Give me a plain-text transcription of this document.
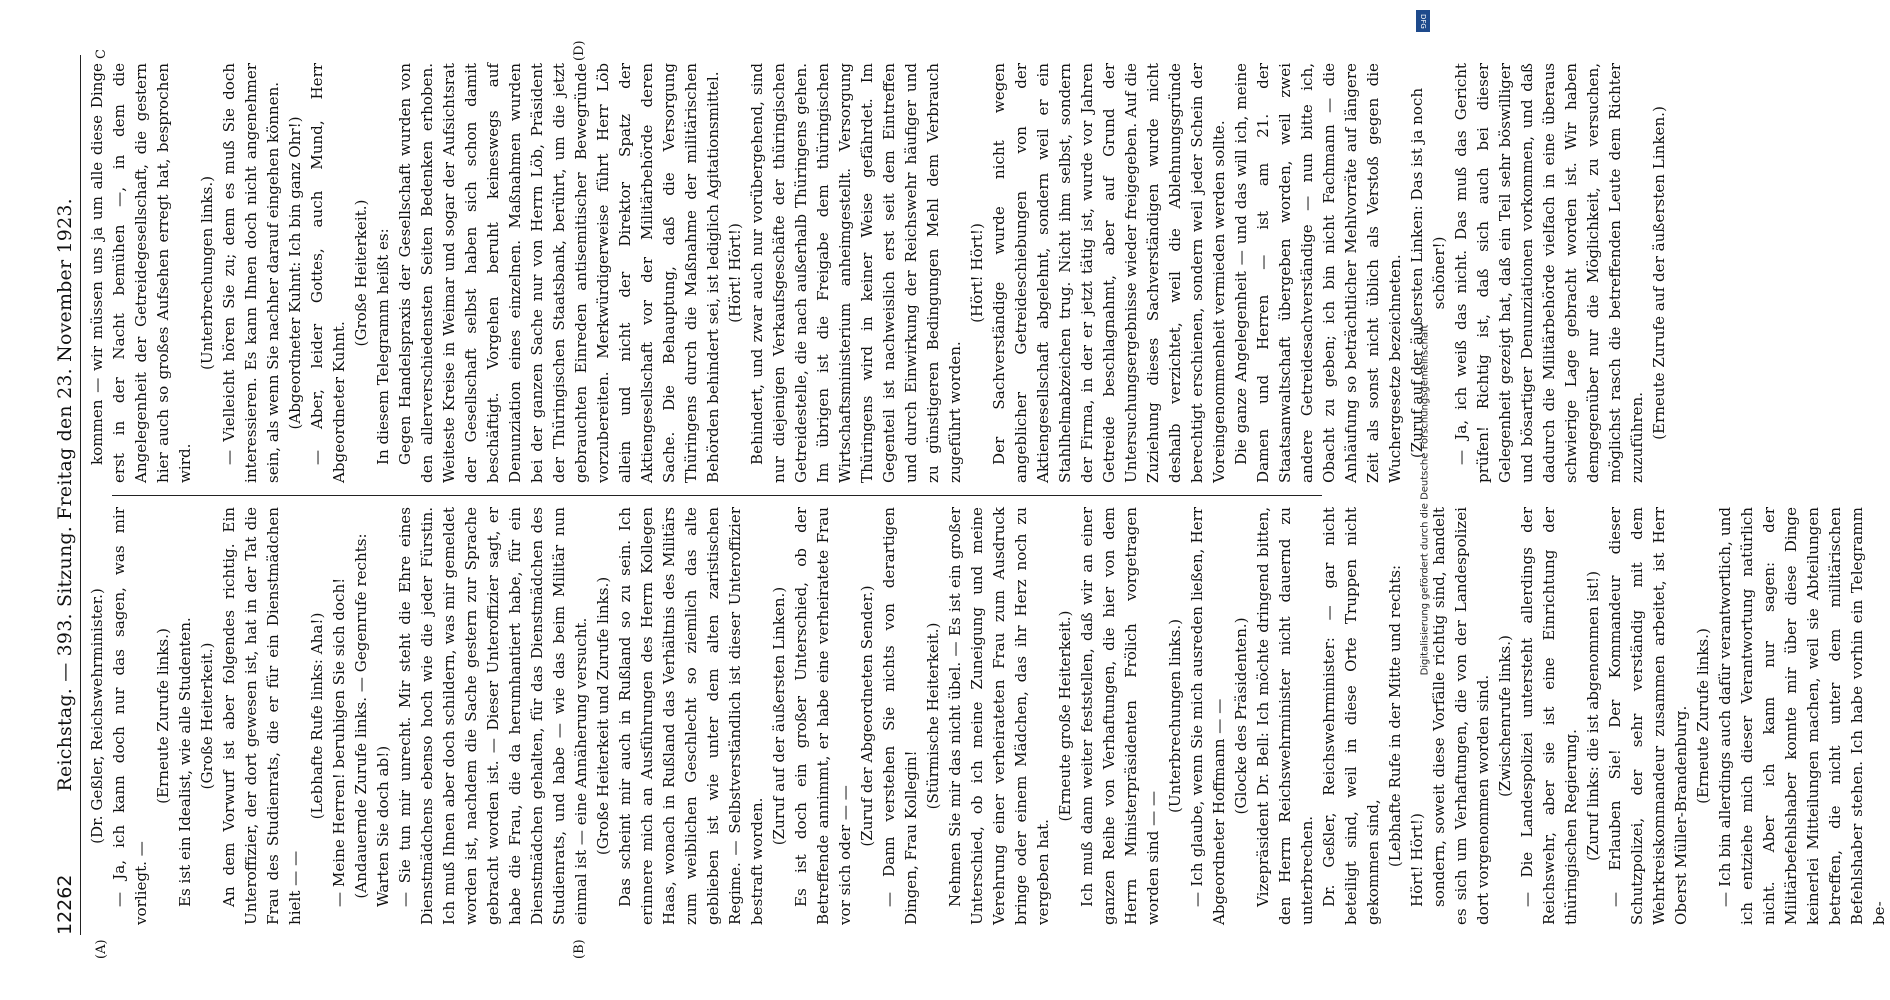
12262
Reichstag. — 393. Sitzung. Freitag den 23. November 1923.
(A)	(B)
C	(D)

(Dr. Geßler, Reichswehrminister.) — Ja, ich kann doch nur das sagen, was mir vorliegt. —

(Erneute Zurufe links.) Es ist ein Idealist, wie alle Studenten. (Große Heiterkeit.) An dem Vorwurf ist aber folgendes richtig. Ein Unteroffizier, der dort gewesen ist, hat in der Tat die Frau des Studienrats, die er für ein Dienstmädchen hielt — —

(Lebhafte Rufe links: Aha!) — Meine Herren! beruhigen Sie sich doch! (Andauernde Zurufe links. — Gegenrufe rechts: Warten Sie doch ab!) — Sie tun mir unrecht. Mir steht die Ehre eines Dienstmädchens ebenso hoch wie die jeder Fürstin. Ich muß Ihnen aber doch schildern, was mir gemeldet worden ist, nachdem die Sache gestern zur Sprache gebracht worden ist. — Dieser Unteroffizier sagt, er habe die Frau, die da herumhantiert habe, für ein Dienstmädchen gehalten, für das Dienstmädchen des Studienrats, und habe — wie das beim Militär nun einmal ist — eine Annäherung versucht. (Große Heiterkeit und Zurufe links.) Das scheint mir auch in Rußland so zu sein. Ich erinnere mich an Ausführungen des Herrn Kollegen Haas, wonach in Rußland das Verhältnis des Militärs zum weiblichen Geschlecht so ziemlich das alte geblieben ist wie unter dem alten zaristischen Regime. — Selbstverständlich ist dieser Unteroffizier bestraft worden.

(Zuruf auf der äußersten Linken.) Es ist doch ein großer Unterschied, ob der Betreffende annimmt, er habe eine verheiratete Frau vor sich oder — —

(Zuruf der Abgeordneten Sender.) — Dann verstehen Sie nichts von derartigen Dingen, Frau Kollegin!

(Stürmische Heiterkeit.) Nehmen Sie mir das nicht übel. — Es ist ein großer Unterschied, ob ich meine Zuneigung und meine Verehrung einer verheirateten Frau zum Ausdruck bringe oder einem Mädchen, das ihr Herz noch zu vergeben hat.

(Erneute große Heiterkeit.) Ich muß dann weiter feststellen, daß wir an einer ganzen Reihe von Verhaftungen, die hier von dem Herrn Ministerpräsidenten Frölich vorgetragen worden sind — —

(Unterbrechungen links.) — Ich glaube, wenn Sie mich ausreden ließen, Herr Abgeordneter Hoffmann — — (Glocke des Präsidenten.) Vizepräsident Dr. Bell: Ich möchte dringend bitten, den Herrn Reichswehrminister nicht dauernd zu unterbrechen. Dr. Geßler, Reichswehrminister: — gar nicht beteiligt sind, weil in diese Orte Truppen nicht gekommen sind, (Lebhafte Rufe in der Mitte und rechts: Hört! Hört!) sondern, soweit diese Vorfälle richtig sind, handelt es sich um Verhaftungen, die von der Landespolizei dort vorgenommen worden sind. (Zwischenrufe links.) — Die Landespolizei untersteht allerdings der Reichswehr, aber sie ist eine Einrichtung der thüringischen Regierung. (Zuruf links: die ist abgenommen ist!) — Erlauben Sie! Der Kommandeur dieser Schutzpolizei, der sehr verständig mit dem Wehrkreiskommandeur zusammen arbeitet, ist Herr Oberst Müller-Brandenburg. (Erneute Zurufe links.) — Ich bin allerdings auch dafür verantwortlich, und ich entziehe mich dieser Verantwortung natürlich nicht. Aber ich kann nur sagen: der Militärbefehlshaber konnte mir über diese Dinge keinerlei Mitteilungen machen, weil sie Abteilungen betreffen, die nicht unter dem militärischen Befehlshaber stehen. Ich habe vorhin ein Telegramm be-

kommen — wir müssen uns ja um alle diese Dinge erst in der Nacht bemühen —, in dem die Angelegenheit der Getreidegesellschaft, die gestern hier auch so großes Aufsehen erregt hat, besprochen wird.

(Unterbrechungen links.) — Vielleicht hören Sie zu; denn es muß Sie doch interessieren. Es kann Ihnen doch nicht angenehmer sein, als wenn Sie nachher darauf eingehen können. (Abgeordneter Kuhnt: Ich bin ganz Ohr!) — Aber, leider Gottes, auch Mund, Herr Abgeordneter Kuhnt.

(Große Heiterkeit.) In diesem Telegramm heißt es: Gegen Handelspraxis der Gesellschaft wurden von den allerverschiedensten Seiten Bedenken erhoben. Weiteste Kreise in Weimar und sogar der Aufsichtsrat der Gesellschaft selbst haben sich schon damit beschäftigt. Vorgehen beruht keineswegs auf Denunziation eines einzelnen. Maßnahmen wurden bei der ganzen Sache nur von Herrn Löb, Präsident der Thüringischen Staatsbank, berührt, um die jetzt gebrauchten Einreden antisemitischer Bewegründe vorzubereiten. Merkwürdigerweise führt Herr Löb allein und nicht der Direktor Spatz der Aktiengesellschaft vor der Militärbehörde deren Sache. Die Behauptung, daß die Versorgung Thüringens durch die Maßnahme der militärischen Behörden behindert sei, ist lediglich Agitationsmittel. (Hört! Hört!) Behindert, und zwar auch nur vorübergehend, sind nur diejenigen Verkaufsgeschäfte der thüringischen Getreidestelle, die nach außerhalb Thüringens gehen. Im übrigen ist die Freigabe dem thüringischen Wirtschaftsministerium anheimgestellt. Versorgung Thüringens wird in keiner Weise gefährdet. Im Gegenteil ist nachweislich erst seit dem Eintreffen und durch Einwirkung der Reichswehr häufiger und zu günstigeren Bedingungen Mehl dem Verbrauch zugeführt worden.

(Hört! Hört!) Der Sachverständige wurde nicht wegen angeblicher Getreideschiebungen von der Aktiengesellschaft abgelehnt, sondern weil er ein Stahlhelmabzeichen trug. Nicht ihm selbst, sondern der Firma, in der er jetzt tätig ist, wurde vor Jahren Getreide beschlagnahmt, aber auf Grund der Untersuchungsergebnisse wieder freigegeben. Auf die Zuziehung dieses Sachverständigen wurde nicht deshalb verzichtet, weil die Ablehnungsgründe berechtigt erschienen, sondern weil jeder Schein der Voreingenommenheit vermieden werden sollte. Die ganze Angelegenheit — und das will ich, meine Damen und Herren — ist am 21. der Staatsanwaltschaft übergeben worden, weil zwei andere Getreidesachverständige — nun bitte ich, Obacht zu geben; ich bin nicht Fachmann — die Anhäufung so beträchtlicher Mehlvorräte auf längere Zeit als sonst nicht üblich als Verstoß gegen die Wuchergesetze bezeichneten. (Zuruf auf der äußersten Linken: Das ist ja noch schöner!) — Ja, ich weiß das nicht. Das muß das Gericht prüfen! Richtig ist, daß sich auch bei dieser Gelegenheit gezeigt hat, daß ein Teil sehr böswilliger und bösartiger Denunziationen vorkommen, und daß dadurch die Militärbehörde vielfach in eine überaus schwierige Lage gebracht worden ist. Wir haben demgegenüber nur die Möglichkeit, zu versuchen, möglichst rasch die betreffenden Leute dem Richter zuzuführen. (Erneute Zurufe auf der äußersten Linken.)

Digitalisierung gefördert durch die Deutsche Forschungsgemeinschaft
DFG
